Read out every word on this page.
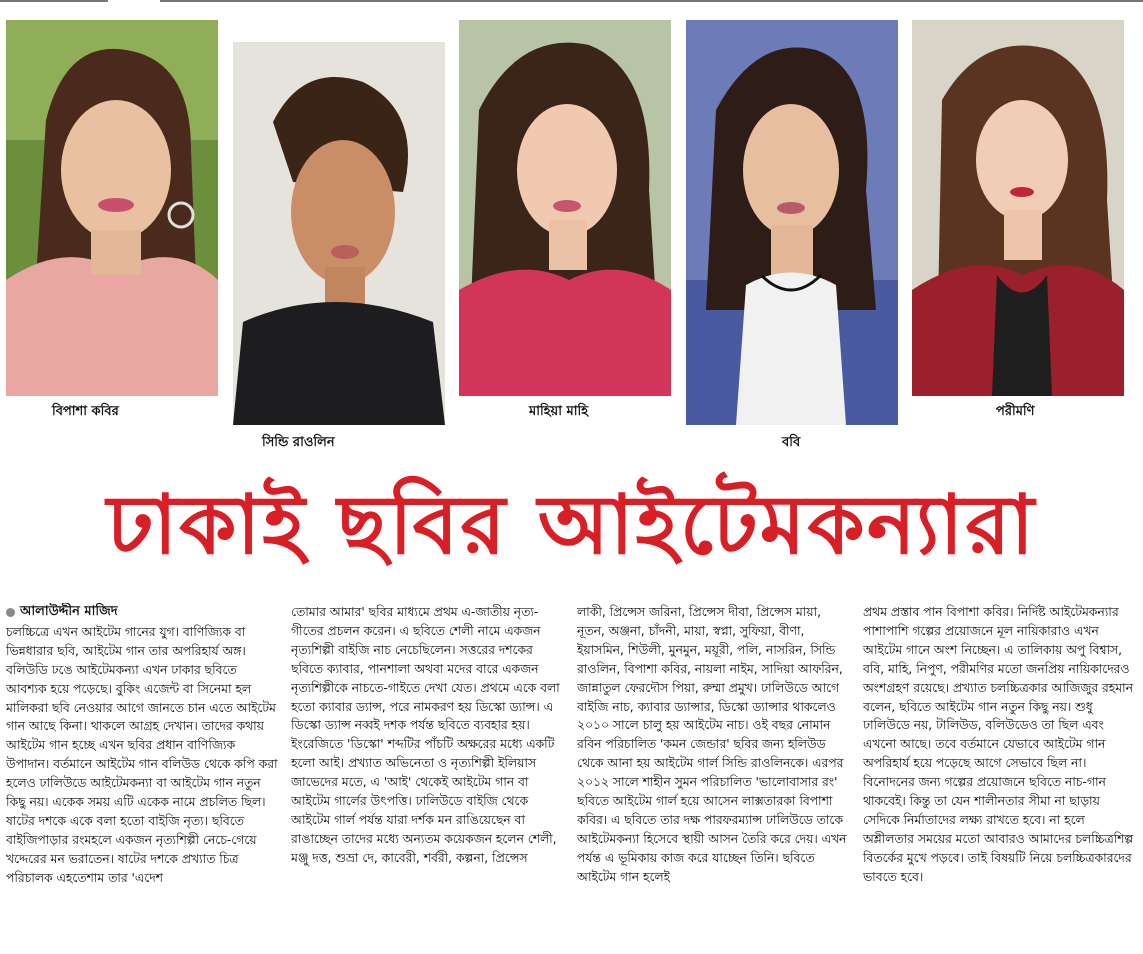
বিপাশা কবির
সিন্ডি রাওলিন
মাহিয়া মাহি
ববি
পরীমণি
ঢাকাই ছবির আইটেমকন্যারা
আলাউদ্দীন মাজিদ

চলচ্চিত্রে এখন আইটেম গানের যুগ। বাণিজ্যিক বা ভিন্নধারার ছবি, আইটেম গান তার অপরিহার্য অঙ্গ। বলিউডি ঢঙে আইটেমকন্যা এখন ঢাকার ছবিতে আবশ্যক হয়ে পড়েছে। বুকিং এজেন্ট বা সিনেমা হল মালিকরা ছবি নেওয়ার আগে জানতে চান এতে আইটেম গান আছে কিনা। থাকলে আগ্রহ দেখান। তাদের কথায় আইটেম গান হচ্ছে এখন ছবির প্রধান বাণিজ্যিক উপাদান। বর্তমানে আইটেম গান বলিউড থেকে কপি করা হলেও ঢালিউডে আইটেমকন্যা বা আইটেম গান নতুন কিছু নয়। একেক সময় এটি একেক নামে প্রচলিত ছিল। ষাটের দশকে একে বলা হতো বাইজি নৃত্য। ছবিতে বাইজিপাড়ার রংমহলে একজন নৃত্যশিল্পী নেচে-গেয়ে খদ্দেরের মন ভরাতেন। ষাটের দশকে প্রখ্যাত চিত্র পরিচালক এহতেশাম তার 'এদেশ

তোমার আমার' ছবির মাধ্যমে প্রথম এ-জাতীয় নৃত্য-গীতের প্রচলন করেন। এ ছবিতে শেলী নামে একজন নৃত্যশিল্পী বাইজি নাচ নেচেছিলেন। সত্তরের দশকের ছবিতে ক্যাবার, পানশালা অথবা মদের বারে একজন নৃত্যশিল্পীকে নাচতে-গাইতে দেখা যেত। প্রথমে একে বলা হতো ক্যাবার ড্যান্স, পরে নামকরণ হয় ডিস্কো ড্যান্স। এ ডিস্কো ড্যান্স নব্বই দশক পর্যন্ত ছবিতে ব্যবহার হয়। ইংরেজিতে 'ডিস্কো' শব্দটির পাঁচটি অক্ষরের মধ্যে একটি হলো আই। প্রখ্যাত অভিনেতা ও নৃত্যশিল্পী ইলিয়াস জাভেদের মতে, এ 'আই' থেকেই আইটেম গান বা আইটেম গার্লের উৎপত্তি। ঢালিউডে বাইজি থেকে আইটেম গার্ল পর্যন্ত যারা দর্শক মন রাঙিয়েছেন বা রাঙাচ্ছেন তাদের মধ্যে অন্যতম কয়েকজন হলেন শেলী, মঞ্জু দত্ত, শুভ্রা দে, কাবেরী, শর্বরী, কল্পনা, প্রিন্সেস

লাকী, প্রিন্সেস জরিনা, প্রিন্সেস দীবা, প্রিন্সেস মায়া, নূতন, অঞ্জনা, চাঁদনী, মায়া, স্বপ্না, সুফিয়া, বীণা, ইয়াসমিন, শিউলী, মুনমুন, ময়ূরী, পলি, নাসরিন, সিন্ডি রাওলিন, বিপাশা কবির, নায়লা নাইম, সাদিয়া আফরিন, জান্নাতুল ফেরদৌস পিয়া, রুম্মা প্রমুখ। ঢালিউডে আগে বাইজি নাচ, ক্যাবার ড্যান্সার, ডিস্কো ড্যান্সার থাকলেও ২০১০ সালে চালু হয় আইটেম নাচ। ওই বছর নোমান রবিন পরিচালিত 'কমন জেন্ডার' ছবির জন্য হলিউড থেকে আনা হয় আইটেম গার্ল সিন্ডি রাওলিনকে। এরপর ২০১২ সালে শাহীন সুমন পরিচালিত 'ভালোবাসার রং' ছবিতে আইটেম গার্ল হয়ে আসেন লাক্সতারকা বিপাশা কবির। এ ছবিতে তার দক্ষ পারফরম্যান্স ঢালিউডে তাকে আইটেমকন্যা হিসেবে স্থায়ী আসন তৈরি করে দেয়। এখন পর্যন্ত এ ভূমিকায় কাজ করে যাচ্ছেন তিনি। ছবিতে আইটেম গান হলেই

প্রথম প্রস্তাব পান বিপাশা কবির। নির্দিষ্ট আইটেমকন্যার পাশাপাশি গল্পের প্রয়োজনে মূল নায়িকারাও এখন আইটেম গানে অংশ নিচ্ছেন। এ তালিকায় অপু বিশ্বাস, ববি, মাহি, নিপুণ, পরীমণির মতো জনপ্রিয় নায়িকাদেরও অংশগ্রহণ রয়েছে। প্রখ্যাত চলচ্চিত্রকার আজিজুর রহমান বলেন, ছবিতে আইটেম গান নতুন কিছু নয়। শুধু ঢালিউডে নয়, টালিউড, বলিউডেও তা ছিল এবং এখনো আছে। তবে বর্তমানে যেভাবে আইটেম গান অপরিহার্য হয়ে পড়েছে আগে সেভাবে ছিল না। বিনোদনের জন্য গল্পের প্রয়োজনে ছবিতে নাচ-গান থাকবেই। কিন্তু তা যেন শালীনতার সীমা না ছাড়ায় সেদিকে নির্মাতাদের লক্ষ্য রাখতে হবে। না হলে অশ্লীলতার সময়ের মতো আবারও আমাদের চলচ্চিত্রশিল্প বিতর্কের মুখে পড়বে। তাই বিষয়টি নিয়ে চলচ্চিত্রকারদের ভাবতে হবে।
